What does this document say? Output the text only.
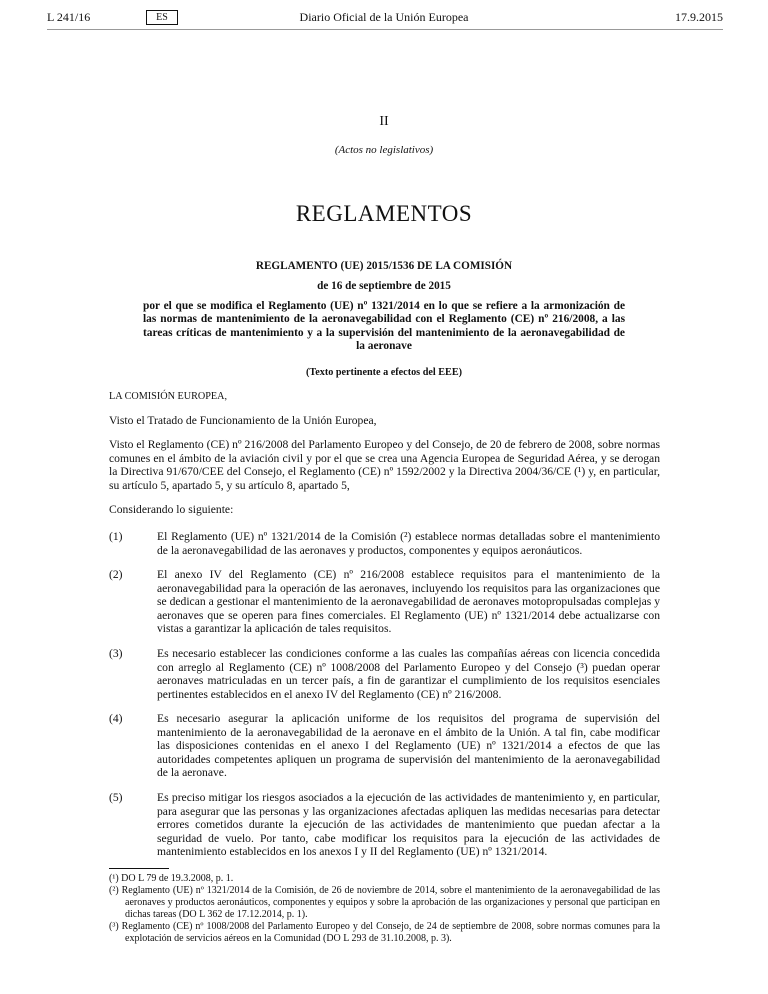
L 241/16	ES	Diario Oficial de la Unión Europea	17.9.2015
II
(Actos no legislativos)
REGLAMENTOS
REGLAMENTO (UE) 2015/1536 DE LA COMISIÓN
de 16 de septiembre de 2015
por el que se modifica el Reglamento (UE) nº 1321/2014 en lo que se refiere a la armonización de las normas de mantenimiento de la aeronavegabilidad con el Reglamento (CE) nº 216/2008, a las tareas críticas de mantenimiento y a la supervisión del mantenimiento de la aeronavegabilidad de la aeronave
(Texto pertinente a efectos del EEE)
LA COMISIÓN EUROPEA,
Visto el Tratado de Funcionamiento de la Unión Europea,
Visto el Reglamento (CE) nº 216/2008 del Parlamento Europeo y del Consejo, de 20 de febrero de 2008, sobre normas comunes en el ámbito de la aviación civil y por el que se crea una Agencia Europea de Seguridad Aérea, y se derogan la Directiva 91/670/CEE del Consejo, el Reglamento (CE) nº 1592/2002 y la Directiva 2004/36/CE (¹) y, en particular, su artículo 5, apartado 5, y su artículo 8, apartado 5,
Considerando lo siguiente:
(1)	El Reglamento (UE) nº 1321/2014 de la Comisión (²) establece normas detalladas sobre el mantenimiento de la aeronavegabilidad de las aeronaves y productos, componentes y equipos aeronáuticos.
(2)	El anexo IV del Reglamento (CE) nº 216/2008 establece requisitos para el mantenimiento de la aeronavegabilidad para la operación de las aeronaves, incluyendo los requisitos para las organizaciones que se dedican a gestionar el mantenimiento de la aeronavegabilidad de aeronaves motopropulsadas complejas y aeronaves que se operen para fines comerciales. El Reglamento (UE) nº 1321/2014 debe actualizarse con vistas a garantizar la aplicación de tales requisitos.
(3)	Es necesario establecer las condiciones conforme a las cuales las compañías aéreas con licencia concedida con arreglo al Reglamento (CE) nº 1008/2008 del Parlamento Europeo y del Consejo (³) puedan operar aeronaves matriculadas en un tercer país, a fin de garantizar el cumplimiento de los requisitos esenciales pertinentes establecidos en el anexo IV del Reglamento (CE) nº 216/2008.
(4)	Es necesario asegurar la aplicación uniforme de los requisitos del programa de supervisión del mantenimiento de la aeronavegabilidad de la aeronave en el ámbito de la Unión. A tal fin, cabe modificar las disposiciones contenidas en el anexo I del Reglamento (UE) nº 1321/2014 a efectos de que las autoridades competentes apliquen un programa de supervisión del mantenimiento de la aeronavegabilidad de la aeronave.
(5)	Es preciso mitigar los riesgos asociados a la ejecución de las actividades de mantenimiento y, en particular, para asegurar que las personas y las organizaciones afectadas apliquen las medidas necesarias para detectar errores cometidos durante la ejecución de las actividades de mantenimiento que puedan afectar a la seguridad de vuelo. Por tanto, cabe modificar los requisitos para la ejecución de las actividades de mantenimiento establecidos en los anexos I y II del Reglamento (UE) nº 1321/2014.
(¹) DO L 79 de 19.3.2008, p. 1.
(²) Reglamento (UE) nº 1321/2014 de la Comisión, de 26 de noviembre de 2014, sobre el mantenimiento de la aeronavegabilidad de las aeronaves y productos aeronáuticos, componentes y equipos y sobre la aprobación de las organizaciones y personal que participan en dichas tareas (DO L 362 de 17.12.2014, p. 1).
(³) Reglamento (CE) nº 1008/2008 del Parlamento Europeo y del Consejo, de 24 de septiembre de 2008, sobre normas comunes para la explotación de servicios aéreos en la Comunidad (DO L 293 de 31.10.2008, p. 3).
